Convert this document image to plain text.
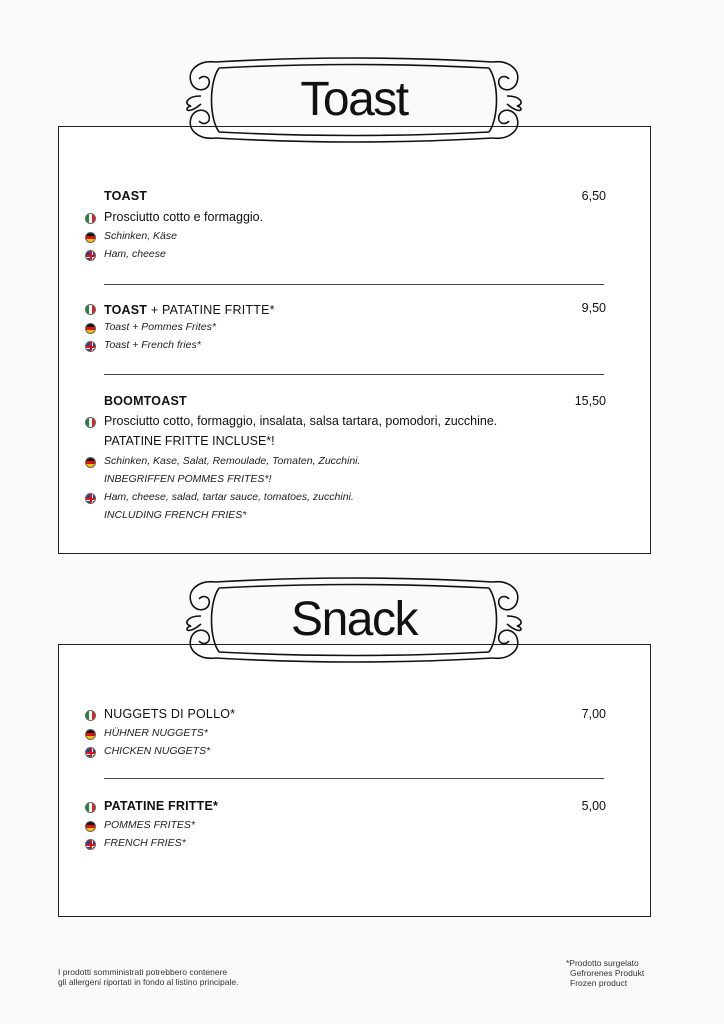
TOAST	6,50
Prosciutto cotto e formaggio.
Schinken, Käse
Ham, cheese
TOAST + PATATINE FRITTE*	9,50
Toast + Pommes Frites*
Toast + French fries*
BOOMTOAST	15,50
Prosciutto cotto, formaggio, insalata, salsa tartara, pomodori, zucchine.
PATATINE FRITTE INCLUSE*!
Schinken, Kase, Salat, Remoulade, Tomaten, Zucchini.
INBEGRIFFEN POMMES FRITES*!
Ham, cheese, salad, tartar sauce, tomatoes, zucchini.
INCLUDING FRENCH FRIES*
Toast
NUGGETS DI POLLO*	7,00
HÜHNER NUGGETS*
CHICKEN NUGGETS*
PATATINE FRITTE*	5,00
POMMES FRITES*
FRENCH FRIES*
Snack
I prodotti somministrati potrebbero contenere
gli allergeni riportati in fondo al listino principale.
*Prodotto surgelato
Gefrorenes Produkt
Frozen product
